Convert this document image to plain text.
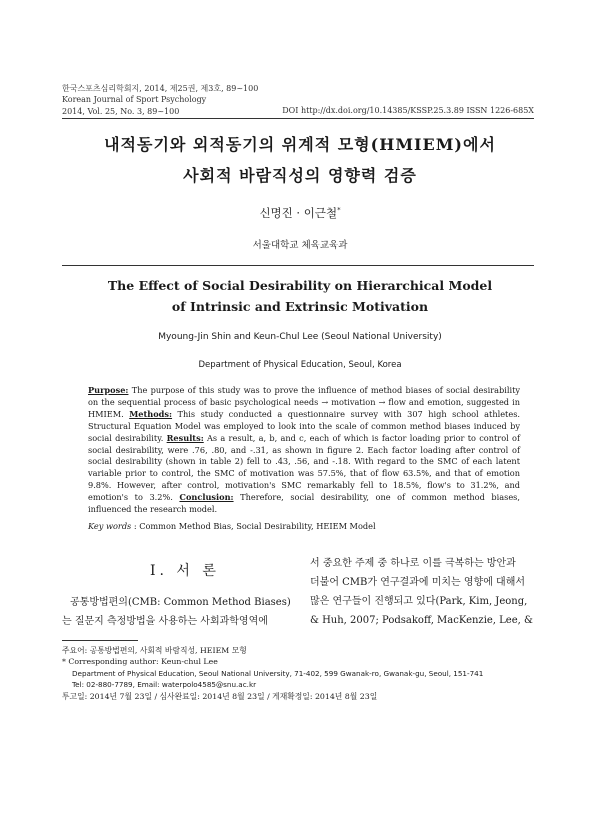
한국스포츠심리학회지, 2014, 제25권, 제3호, 89~100
Korean Journal of Sport Psychology
2014, Vol. 25, No. 3, 89~100	DOI http://dx.doi.org/10.14385/KSSP.25.3.89 ISSN 1226-685X
내적동기와 외적동기의 위계적 모형(HMIEM)에서
사회적 바람직성의 영향력 검증
신명진 · 이근철*
서울대학교 체육교육과
The Effect of Social Desirability on Hierarchical Model
of Intrinsic and Extrinsic Motivation
Myoung-Jin Shin and Keun-Chul Lee (Seoul National University)
Department of Physical Education, Seoul, Korea
Purpose: The purpose of this study was to prove the influence of method biases of social desirability on the sequential process of basic psychological needs → motivation → flow and emotion, suggested in HMIEM. Methods: This study conducted a questionnaire survey with 307 high school athletes. Structural Equation Model was employed to look into the scale of common method biases induced by social desirability. Results: As a result, a, b, and c, each of which is factor loading prior to control of social desirability, were .76, .80, and -.31, as shown in figure 2. Each factor loading after control of social desirability (shown in table 2) fell to .43, .56, and -.18. With regard to the SMC of each latent variable prior to control, the SMC of motivation was 57.5%, that of flow 63.5%, and that of emotion 9.8%. However, after control, motivation's SMC remarkably fell to 18.5%, flow's to 31.2%, and emotion's to 3.2%. Conclusion: Therefore, social desirability, one of common method biases, influenced the research model.
Key words : Common Method Bias, Social Desirability, HEIEM Model
I. 서 론
공통방법편의(CMB: Common Method Biases)
는 질문지 측정방법을 사용하는 사회과학영역에
서 중요한 주제 중 하나로 이를 극복하는 방안과
더불어 CMB가 연구결과에 미치는 영향에 대해서
많은 연구들이 진행되고 있다(Park, Kim, Jeong,
& Huh, 2007; Podsakoff, MacKenzie, Lee, &
주요어: 공통방법편의, 사회적 바람직성, HEIEM 모형
* Corresponding author: Keun-chul Lee
Department of Physical Education, Seoul National University, 71-402, 599 Gwanak-ro, Gwanak-gu, Seoul, 151-741
Tel: 02-880-7789, Email: waterpolo4585@snu.ac.kr
투고일: 2014년 7월 23일 / 심사완료일: 2014년 8월 23일 / 게재확정일: 2014년 8월 23일
